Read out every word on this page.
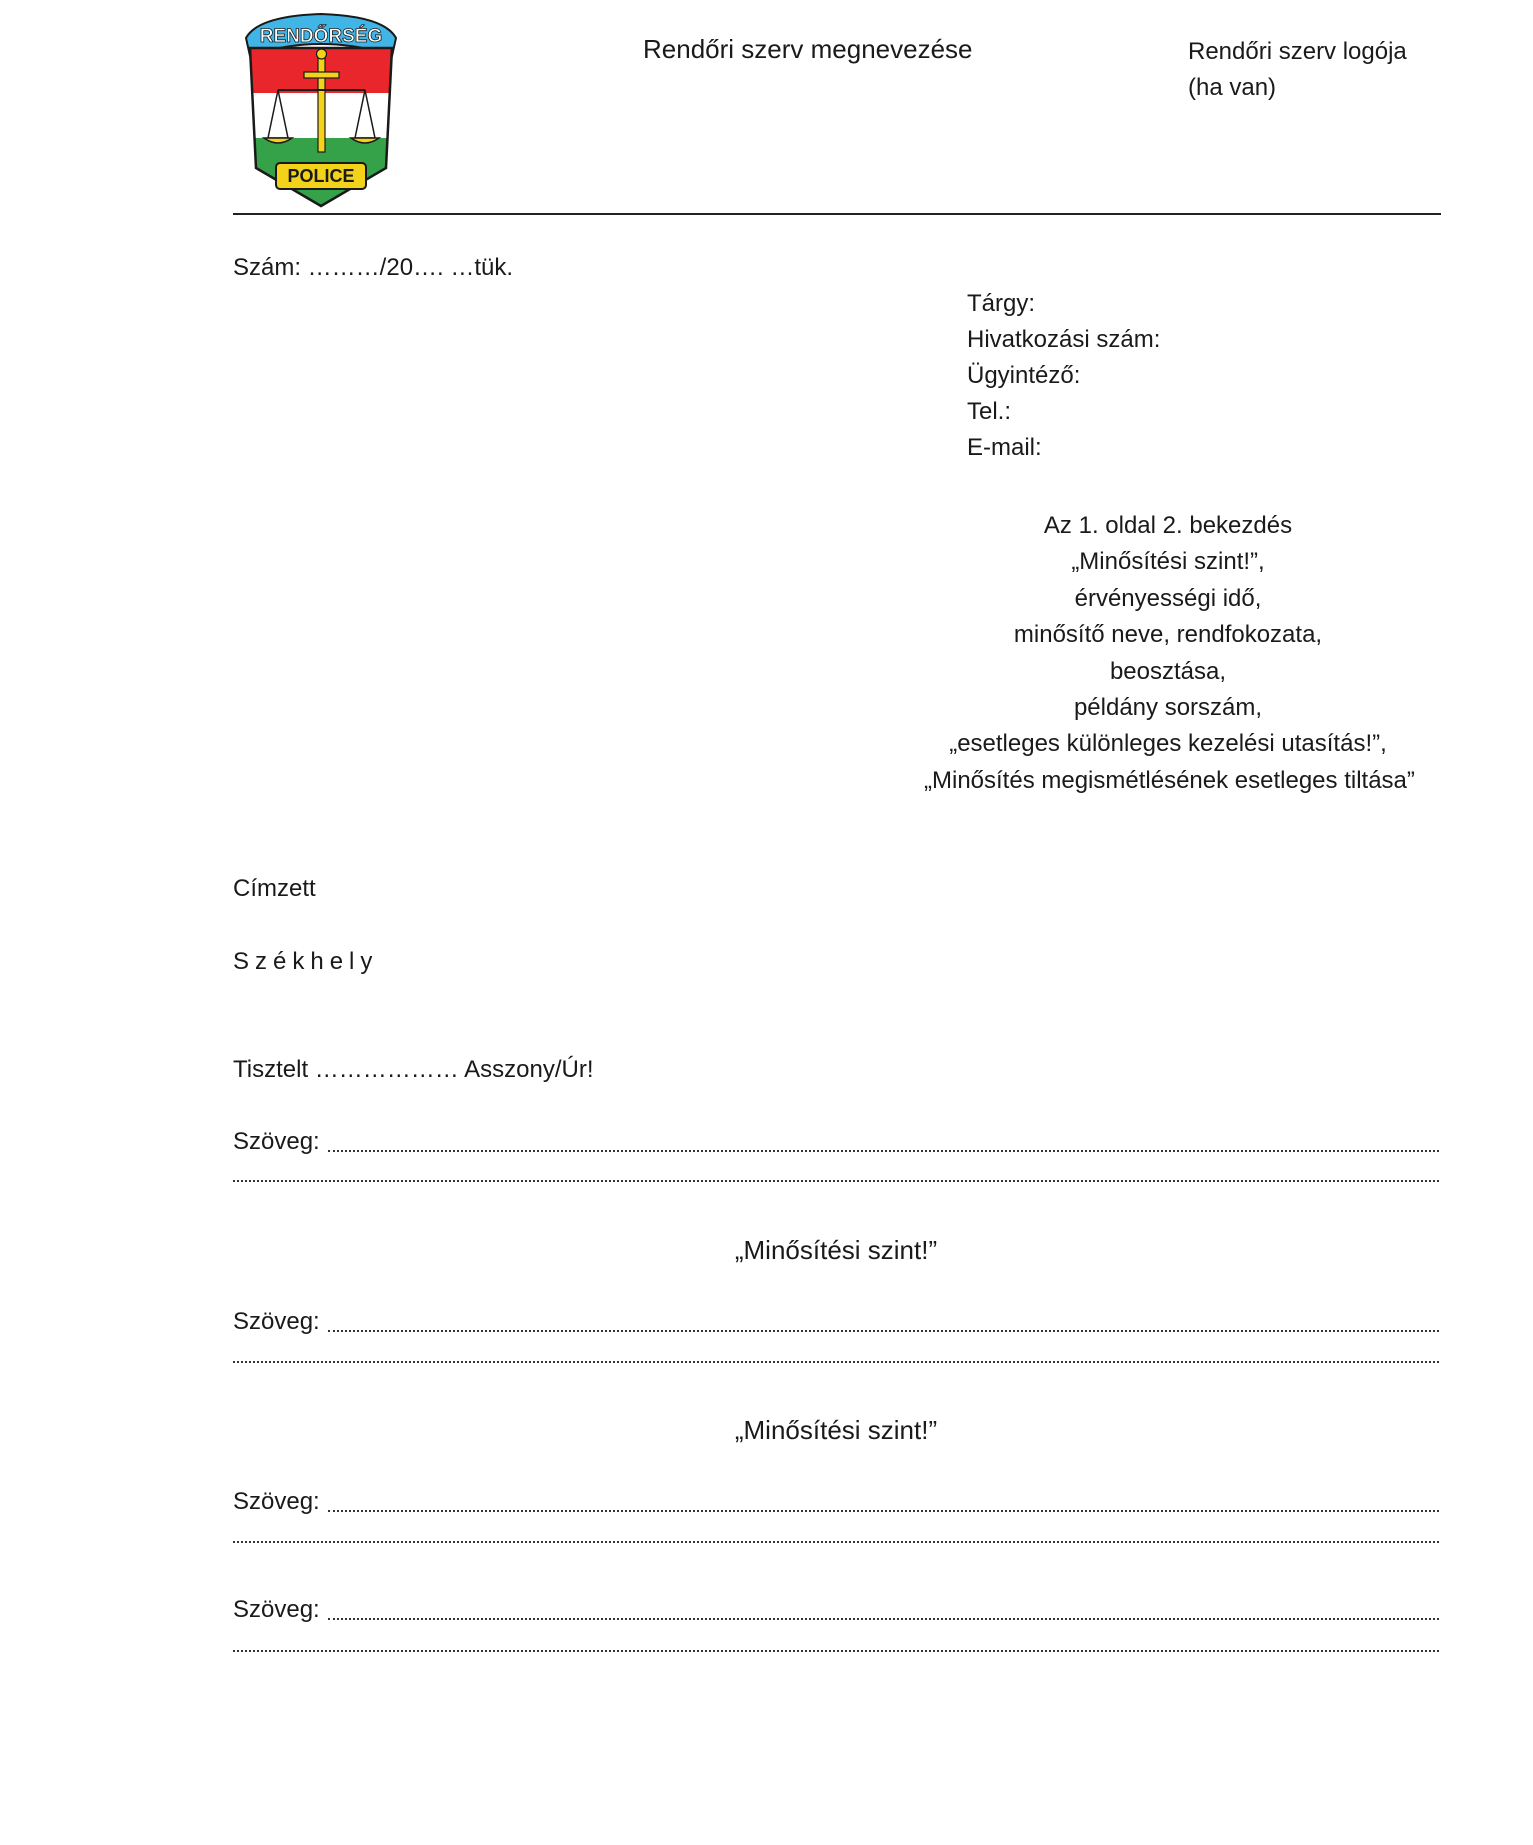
POLICE
RENDŐRSÉG	Rendőri szerv megnevezése	Rendőri szerv logója
(ha van)
Szám: ………/20…. …tük.
Tárgy:
Hivatkozási szám:
Ügyintéző:
Tel.:
E-mail:
Az 1. oldal 2. bekezdés
„Minősítési szint!”,
érvényességi idő,
minősítő neve, rendfokozata,
beosztása,
példány sorszám,
„esetleges különleges kezelési utasítás!”,
„Minősítés megismétlésének esetleges tiltása”
Címzett
Székhely
Tisztelt ……………… Asszony/Úr!
Szöveg:
„Minősítési szint!”
Szöveg:
„Minősítési szint!”
Szöveg:
Szöveg:
